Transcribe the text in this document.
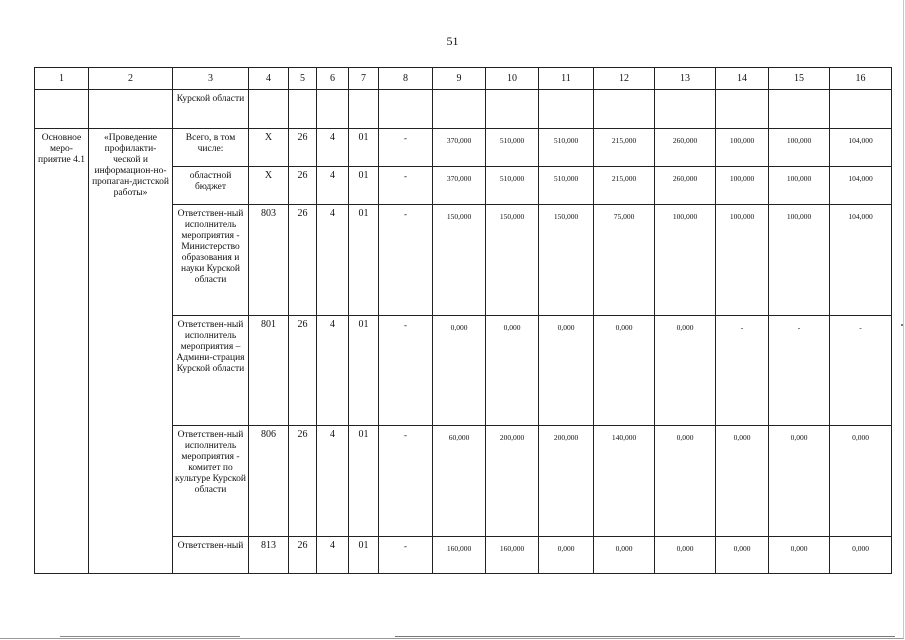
51
1	2	3	4	5	6	7	8	9	10	11	12	13	14	15	16
		Курской области													
Основное меро-приятие 4.1	«Проведение профилакти-ческой и информацион-но-пропаган-дистской работы»	Всего, в том числе:	Х	26	4	01	-	370,000	510,000	510,000	215,000	260,000	100,000	100,000	104,000
		областной бюджет	Х	26	4	01	-	370,000	510,000	510,000	215,000	260,000	100,000	100,000	104,000
		Ответствен-ный исполнитель мероприятия - Министерство образования и науки Курской области	803	26	4	01	-	150,000	150,000	150,000	75,000	100,000	100,000	100,000	104,000
		Ответствен-ный исполнитель мероприятия – Админи-страция Курской области	801	26	4	01	-	0,000	0,000	0,000	0,000	0,000	-	-	-
		Ответствен-ный исполнитель мероприятия - комитет по культуре Курской области	806	26	4	01	-	60,000	200,000	200,000	140,000	0,000	0,000	0,000	0,000
		Ответствен-ный	813	26	4	01	-	160,000	160,000	0,000	0,000	0,000	0,000	0,000	0,000
